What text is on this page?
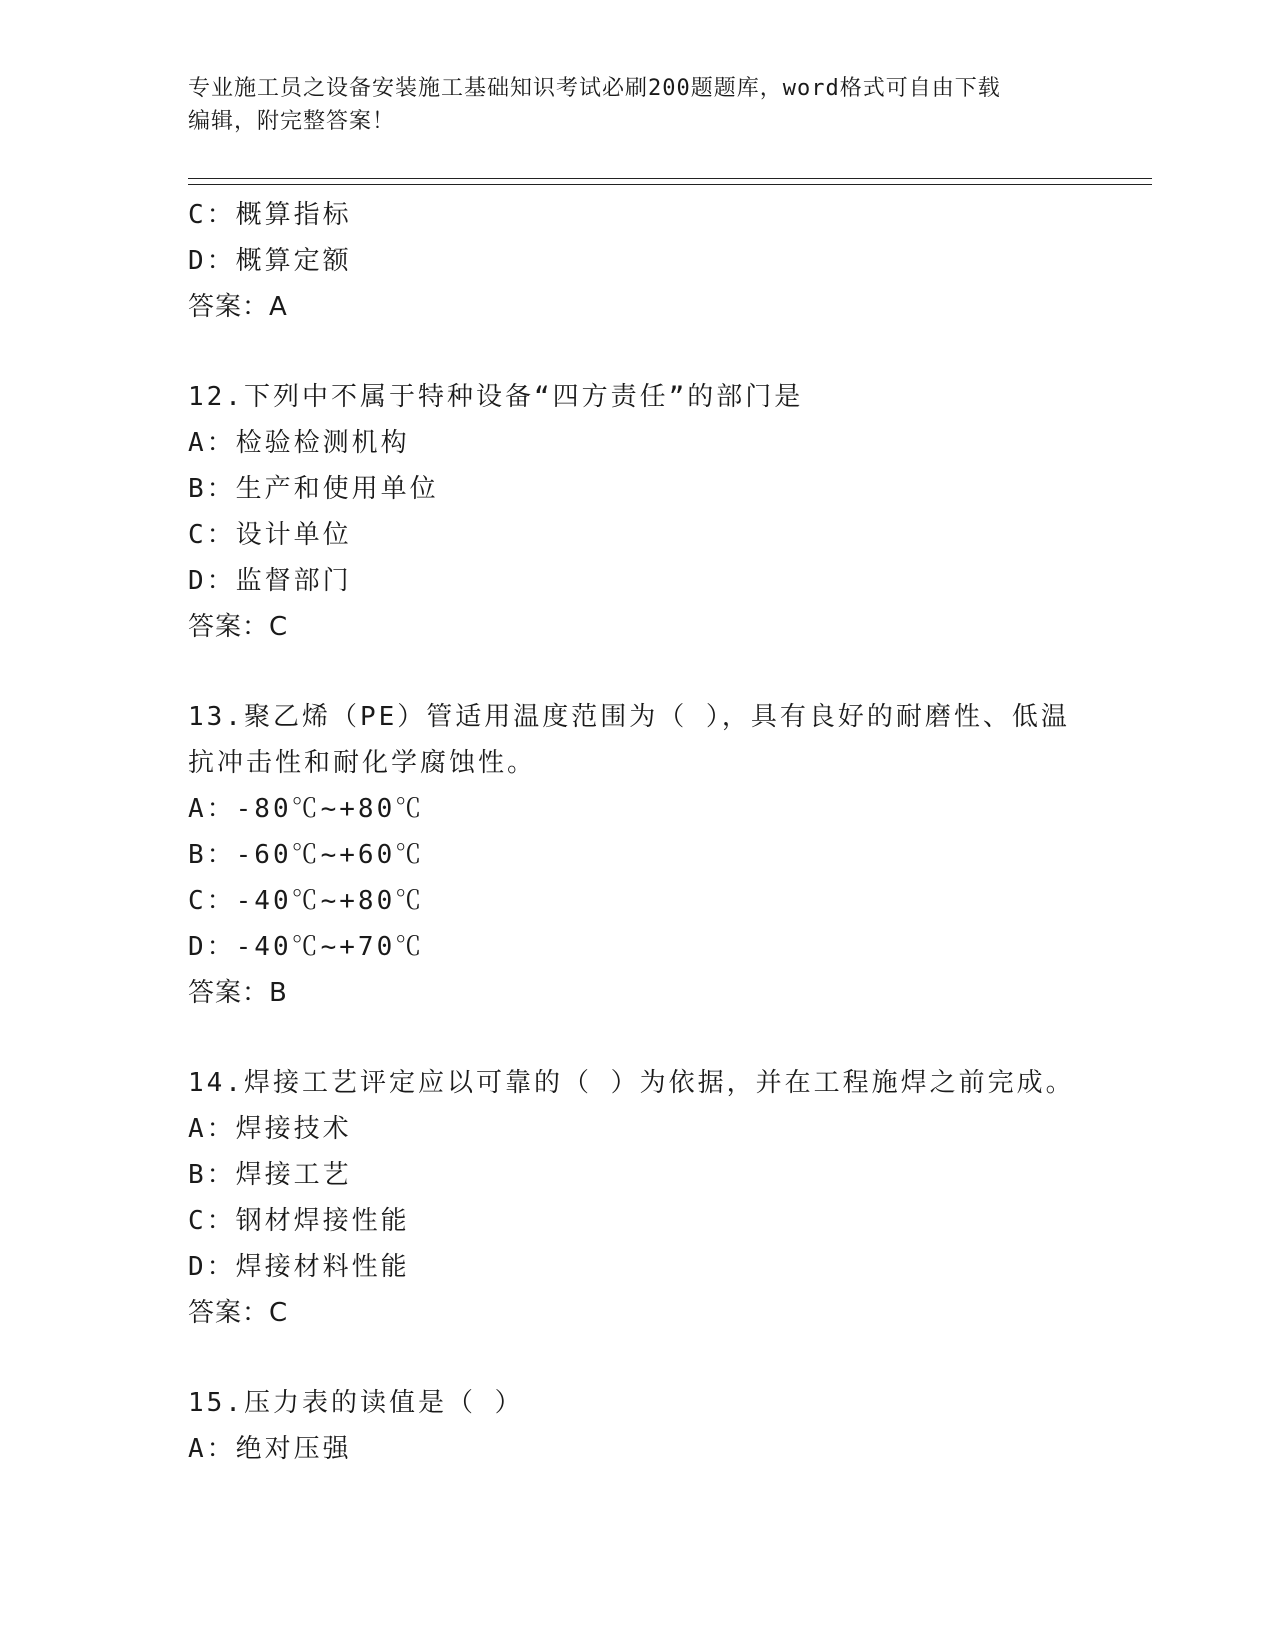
专业施工员之设备安装施工基础知识考试必刷200题题库，word格式可自由下载
编辑，附完整答案！
C：概算指标
D：概算定额
答案：A
12.下列中不属于特种设备“四方责任”的部门是
A：检验检测机构
B：生产和使用单位
C：设计单位
D：监督部门
答案：C
13.聚乙烯（PE）管适用温度范围为（ ），具有良好的耐磨性、低温
抗冲击性和耐化学腐蚀性。
A：-80℃~+80℃
B：-60℃~+60℃
C：-40℃~+80℃
D：-40℃~+70℃
答案：B
14.焊接工艺评定应以可靠的（ ）为依据，并在工程施焊之前完成。
A：焊接技术
B：焊接工艺
C：钢材焊接性能
D：焊接材料性能
答案：C
15.压力表的读值是（ ）
A：绝对压强
